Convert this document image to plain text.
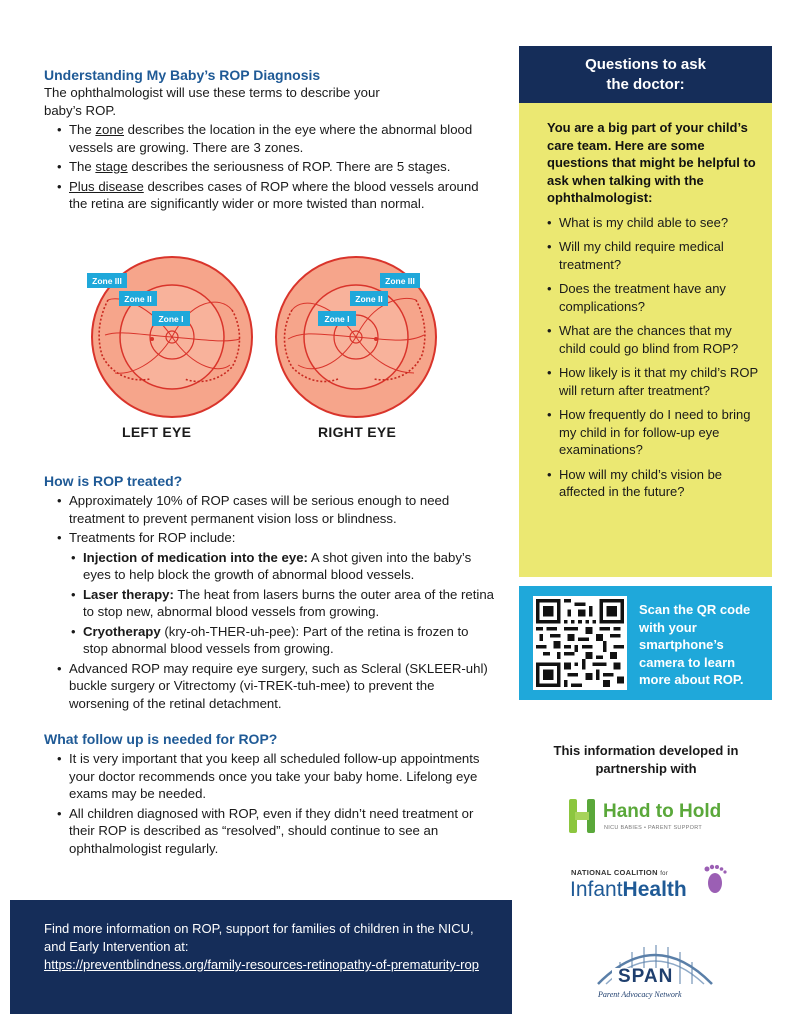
Understanding My Baby’s ROP Diagnosis
The ophthalmologist will use these terms to describe your
baby’s ROP.
• The zone describes the location in the eye where the abnormal blood vessels are growing. There are 3 zones.
• The stage describes the seriousness of ROP. There are 5 stages.
• Plus disease describes cases of ROP where the blood vessels around the retina are significantly wider or more twisted than normal.
Zone III
Zone II
Zone I
Zone III
Zone II
Zone I
LEFT EYE	RIGHT EYE
How is ROP treated?
• Approximately 10% of ROP cases will be serious enough to need treatment to prevent permanent vision loss or blindness.
• Treatments for ROP include:
• Injection of medication into the eye: A shot given into the baby’s eyes to help block the growth of abnormal blood vessels.
• Laser therapy: The heat from lasers burns the outer area of the retina to stop new, abnormal blood vessels from growing.
• Cryotherapy (kry-oh-THER-uh-pee): Part of the retina is frozen to stop abnormal blood vessels from growing.
• Advanced ROP may require eye surgery, such as Scleral (SKLEER-uhl) buckle surgery or Vitrectomy (vi-TREK-tuh-mee) to prevent the worsening of the retinal detachment.
What follow up is needed for ROP?
• It is very important that you keep all scheduled follow-up appointments your doctor recommends once you take your baby home. Lifelong eye exams may be needed.
• All children diagnosed with ROP, even if they didn’t need treatment or their ROP is described as “resolved”, should continue to see an ophthalmologist regularly.
Questions to ask
the doctor:
You are a big part of your child’s care team. Here are some questions that might be helpful to ask when talking with the ophthalmologist:
• What is my child able to see?
• Will my child require medical treatment?
• Does the treatment have any complications?
• What are the chances that my child could go blind from ROP?
• How likely is it that my child’s ROP will return after treatment?
• How frequently do I need to bring my child in for follow-up eye examinations?
• How will my child’s vision be affected in the future?
Scan the QR code with your smartphone’s camera to learn more about ROP.
This information developed in partnership with
Hand to Hold
NICU BABIES • PARENT SUPPORT
NATIONAL COALITION for
InfantHealth
SPAN
Parent Advocacy Network
Find more information on ROP, support for families of children in the NICU, and Early Intervention at:
https://preventblindness.org/family-resources-retinopathy-of-prematurity-rop
